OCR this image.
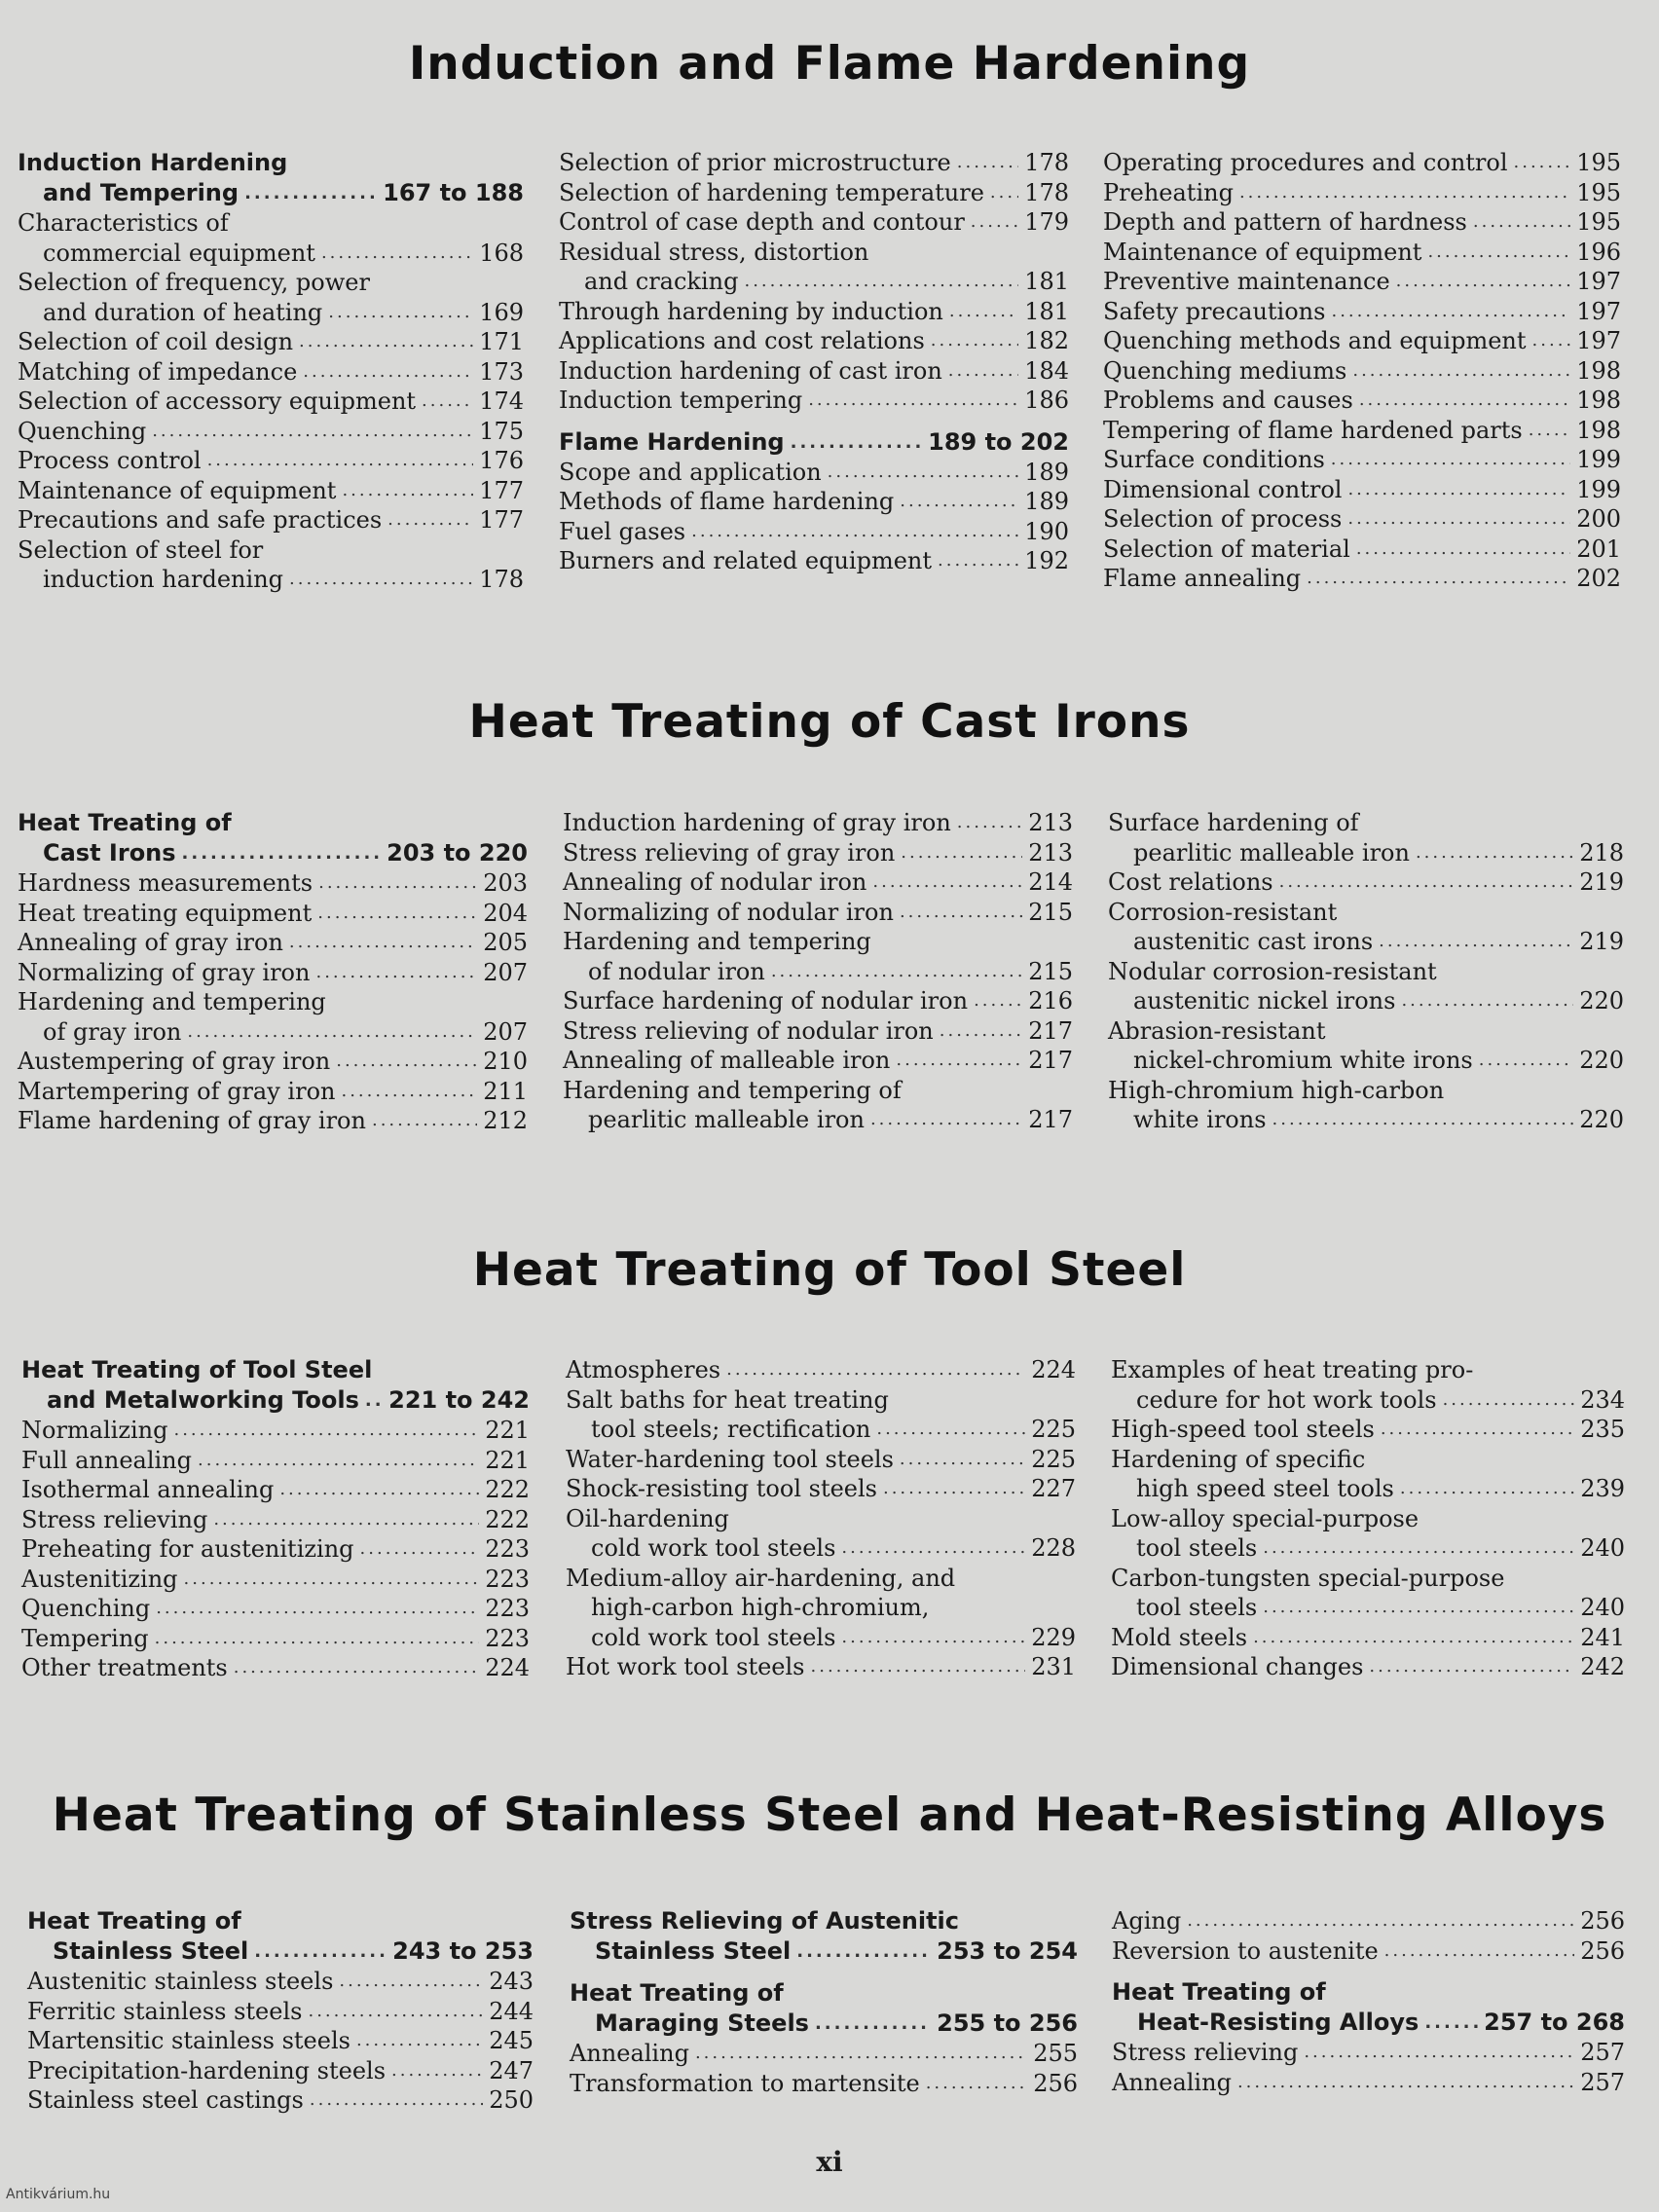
Induction and Flame Hardening
Induction Hardening
and Tempering .....	167 to 188
Characteristics of
commercial equipment .....	168
Selection of frequency, power
and duration of heating .....	169
Selection of coil design .....	171
Matching of impedance .....	173
Selection of accessory equipment .....	174
Quenching .....	175
Process control .....	176
Maintenance of equipment .....	177
Precautions and safe practices .....	177
Selection of steel for
induction hardening .....	178
Selection of prior microstructure .....	178
Selection of hardening temperature ..... 178
Control of case depth and contour .....	179
Residual stress, distortion
and cracking .....	181
Through hardening by induction .....	181
Applications and cost relations .....	182
Induction hardening of cast iron .....	184
Induction tempering .....	186
Flame Hardening .....	189 to 202
Scope and application .....	189
Methods of flame hardening .....	189
Fuel gases .....	190
Burners and related equipment .....	192
Operating procedures and control .....	195
Preheating .....	195
Depth and pattern of hardness .....	195
Maintenance of equipment .....	196
Preventive maintenance .....	197
Safety precautions .....	197
Quenching methods and equipment ..... 197
Quenching mediums .....	198
Problems and causes .....	198
Tempering of flame hardened parts ..... 198
Surface conditions .....	199
Dimensional control .....	199
Selection of process .....	200
Selection of material .....	201
Flame annealing .....	202
Heat Treating of Cast Irons
Heat Treating of
Cast Irons .....	203 to 220
Hardness measurements .....	203
Heat treating equipment .....	204
Annealing of gray iron .....	205
Normalizing of gray iron .....	207
Hardening and tempering
of gray iron .....	207
Austempering of gray iron .....	210
Martempering of gray iron .....	211
Flame hardening of gray iron .....	212
Induction hardening of gray iron .....	213
Stress relieving of gray iron .....	213
Annealing of nodular iron .....	214
Normalizing of nodular iron .....	215
Hardening and tempering
of nodular iron .....	215
Surface hardening of nodular iron .....	216
Stress relieving of nodular iron .....	217
Annealing of malleable iron .....	217
Hardening and tempering of
pearlitic malleable iron .....	217
Surface hardening of
pearlitic malleable iron .....	218
Cost relations .....	219
Corrosion-resistant
austenitic cast irons .....	219
Nodular corrosion-resistant
austenitic nickel irons .....	220
Abrasion-resistant
nickel-chromium white irons .....	220
High-chromium high-carbon
white irons .....	220
Heat Treating of Tool Steel
Heat Treating of Tool Steel
and Metalworking Tools ..... 221 to 242
Normalizing .....	221
Full annealing .....	221
Isothermal annealing .....	222
Stress relieving .....	222
Preheating for austenitizing .....	223
Austenitizing .....	223
Quenching .....	223
Tempering .....	223
Other treatments .....	224
Atmospheres .....	224
Salt baths for heat treating
tool steels; rectification .....	225
Water-hardening tool steels .....	225
Shock-resisting tool steels .....	227
Oil-hardening
cold work tool steels .....	228
Medium-alloy air-hardening, and
high-carbon high-chromium,
cold work tool steels .....	229
Hot work tool steels .....	231
Examples of heat treating pro-
cedure for hot work tools .....	234
High-speed tool steels .....	235
Hardening of specific
high speed steel tools .....	239
Low-alloy special-purpose
tool steels .....	240
Carbon-tungsten special-purpose
tool steels .....	240
Mold steels .....	241
Dimensional changes .....	242
Heat Treating of Stainless Steel and Heat-Resisting Alloys
Heat Treating of
Stainless Steel .....	243 to 253
Austenitic stainless steels .....	243
Ferritic stainless steels .....	244
Martensitic stainless steels .....	245
Precipitation-hardening steels .....	247
Stainless steel castings .....	250
Stress Relieving of Austenitic
Stainless Steel .....	253 to 254
Heat Treating of
Maraging Steels .....	255 to 256
Annealing .....	255
Transformation to martensite .....	256
Aging .....	256
Reversion to austenite .....	256
Heat Treating of
Heat-Resisting Alloys .....	257 to 268
Stress relieving .....	257
Annealing .....	257
xi
Antikvárium.hu
